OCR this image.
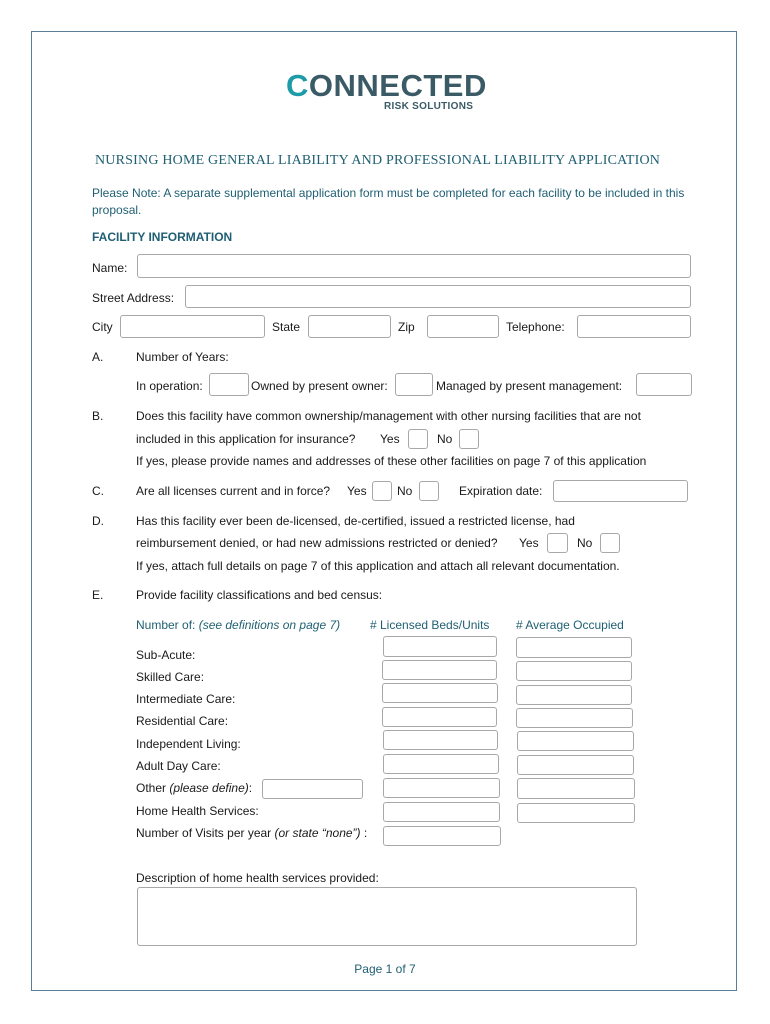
CONNECTED
RISK SOLUTIONS
NURSING HOME GENERAL LIABILITY AND PROFESSIONAL LIABILITY APPLICATION
Please Note: A separate supplemental application form must be completed for each facility to be included in this proposal.
FACILITY INFORMATION
Name:
Street Address:
City	State	Zip	Telephone:
A.	Number of Years:
In operation:	Owned by present owner:	Managed by present management:
B.	Does this facility have common ownership/management with other nursing facilities that are not
included in this application for insurance? Yes	No
If yes, please provide names and addresses of these other facilities on page 7 of this application
C.	Are all licenses current and in force? Yes	No	Expiration date:
D.	Has this facility ever been de-licensed, de-certified, issued a restricted license, had
reimbursement denied, or had new admissions restricted or denied? Yes	No
If yes, attach full details on page 7 of this application and attach all relevant documentation.
E.	Provide facility classifications and bed census:
Number of: (see definitions on page 7) # Licensed Beds/Units # Average Occupied
Sub-Acute:
Skilled Care:
Intermediate Care:
Residential Care:
Independent Living:
Adult Day Care:
Other (please define):
Home Health Services:
Number of Visits per year (or state “none”) :
Description of home health services provided:
Page 1 of 7
